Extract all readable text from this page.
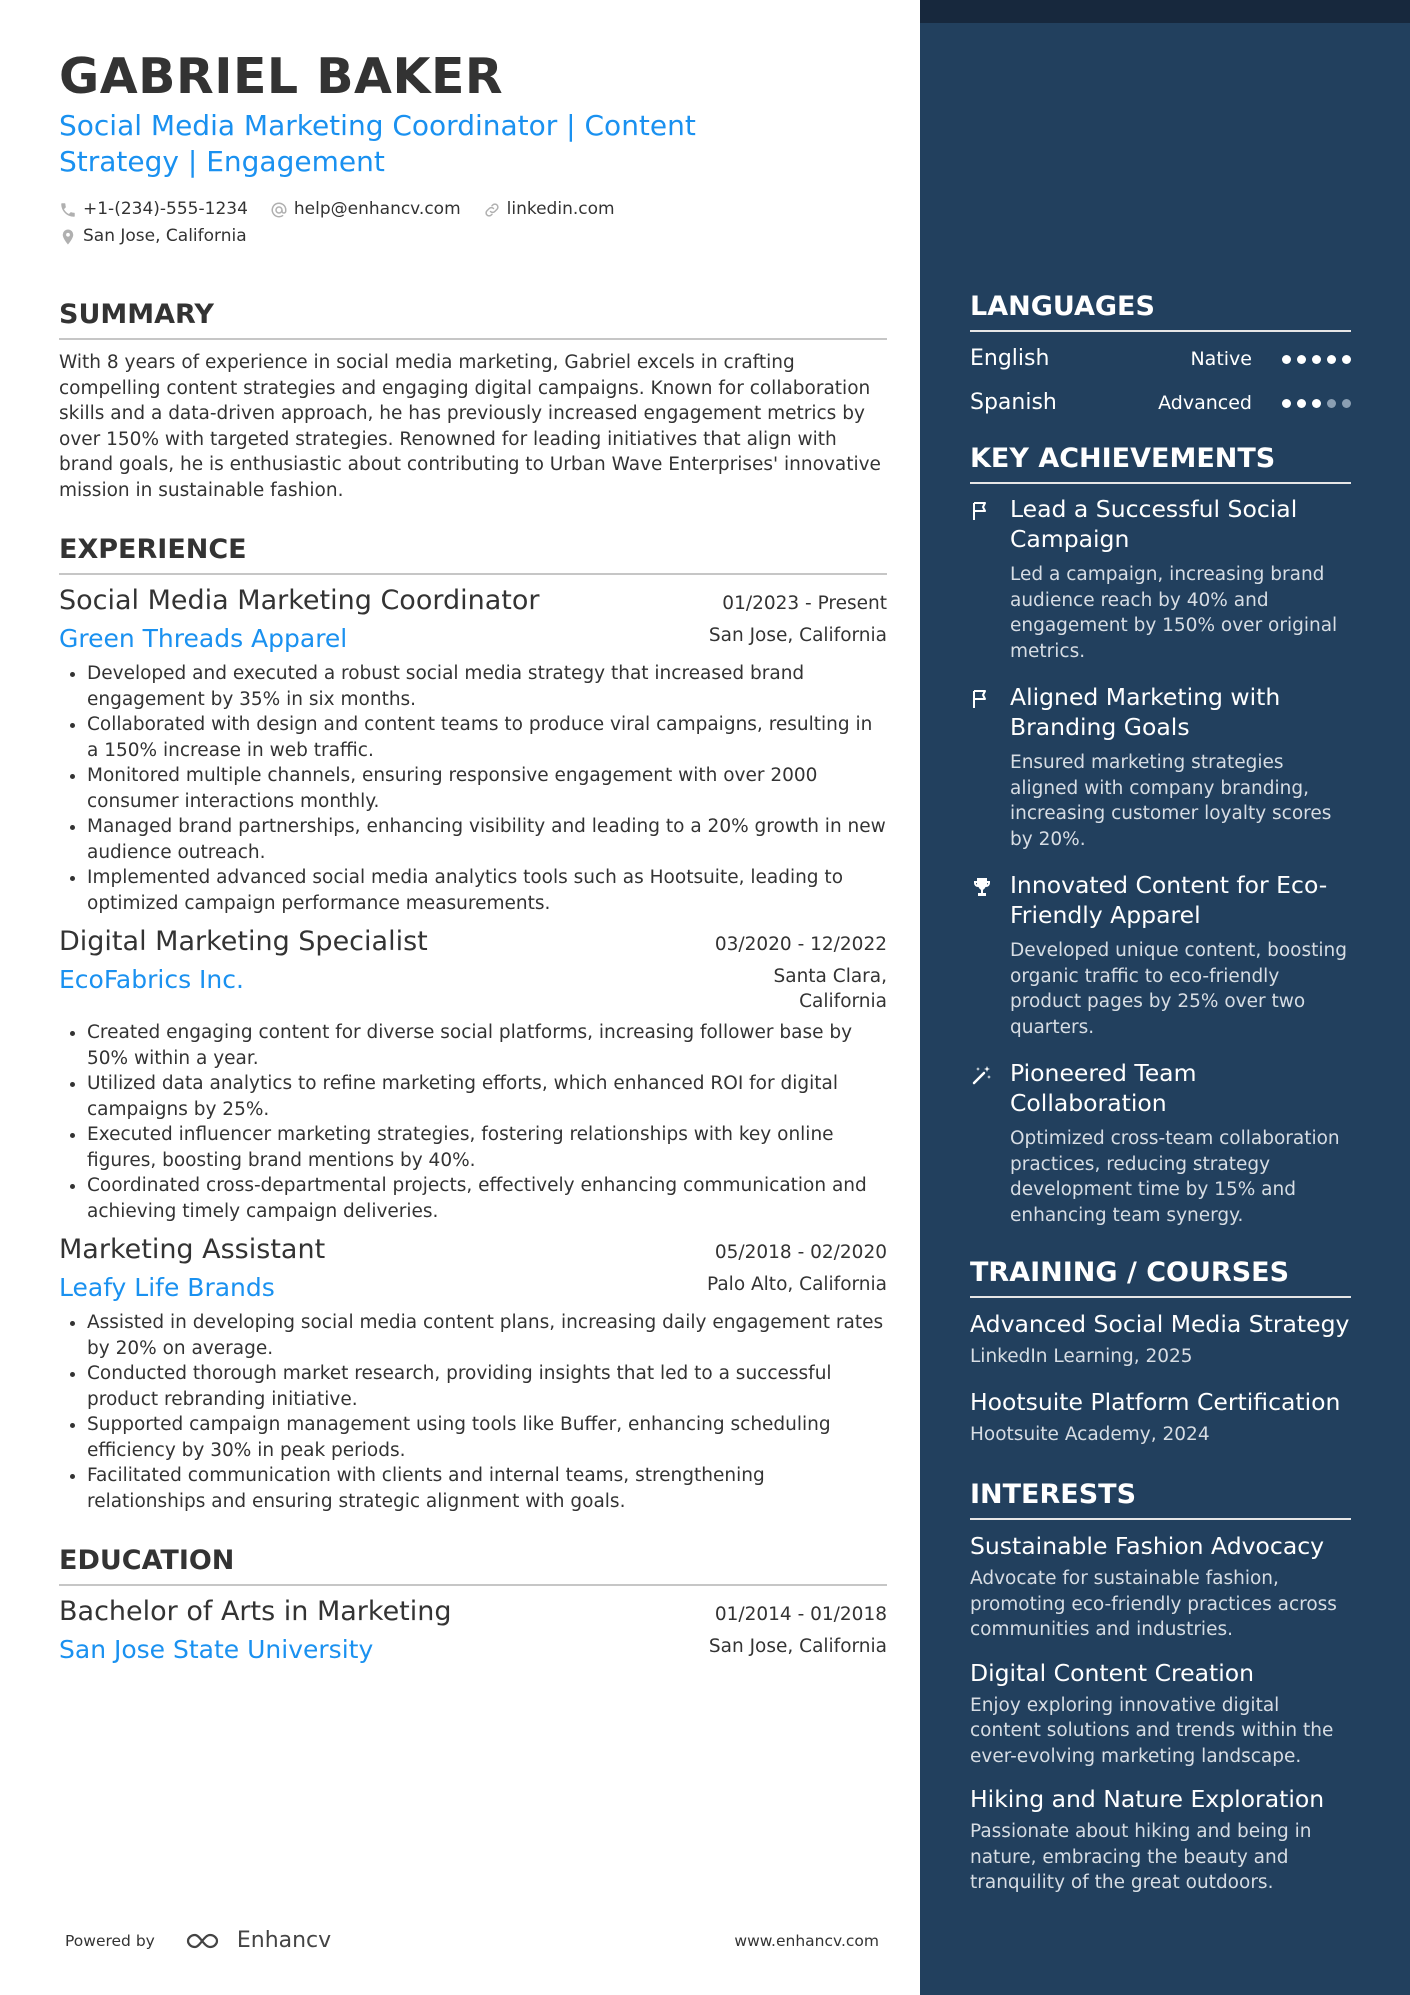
GABRIEL BAKER
Social Media Marketing Coordinator | Content Strategy | Engagement
+1-(234)-555-1234	help@enhancv.com	linkedin.com
San Jose, California
SUMMARY

With 8 years of experience in social media marketing, Gabriel excels in crafting compelling content strategies and engaging digital campaigns. Known for collaboration skills and a data-driven approach, he has previously increased engagement metrics by over 150% with targeted strategies. Renowned for leading initiatives that align with brand goals, he is enthusiastic about contributing to Urban Wave Enterprises' innovative mission in sustainable fashion.

EXPERIENCE
Social Media Marketing Coordinator	01/2023 - Present
Green Threads Apparel	San Jose, California
• Developed and executed a robust social media strategy that increased brand engagement by 35% in six months.
• Collaborated with design and content teams to produce viral campaigns, resulting in a 150% increase in web traffic.
• Monitored multiple channels, ensuring responsive engagement with over 2000 consumer interactions monthly.
• Managed brand partnerships, enhancing visibility and leading to a 20% growth in new audience outreach.
• Implemented advanced social media analytics tools such as Hootsuite, leading to optimized campaign performance measurements.
Digital Marketing Specialist	03/2020 - 12/2022
EcoFabrics Inc.	Santa Clara, California
• Created engaging content for diverse social platforms, increasing follower base by 50% within a year.
• Utilized data analytics to refine marketing efforts, which enhanced ROI for digital campaigns by 25%.
• Executed influencer marketing strategies, fostering relationships with key online figures, boosting brand mentions by 40%.
• Coordinated cross-departmental projects, effectively enhancing communication and achieving timely campaign deliveries.
Marketing Assistant	05/2018 - 02/2020
Leafy Life Brands	Palo Alto, California
• Assisted in developing social media content plans, increasing daily engagement rates by 20% on average.
• Conducted thorough market research, providing insights that led to a successful product rebranding initiative.
• Supported campaign management using tools like Buffer, enhancing scheduling efficiency by 30% in peak periods.
• Facilitated communication with clients and internal teams, strengthening relationships and ensuring strategic alignment with goals.
EDUCATION
Bachelor of Arts in Marketing	01/2014 - 01/2018
San Jose State University	San Jose, California
Powered by	Enhancv	www.enhancv.com
LANGUAGES
English	Native
Spanish	Advanced
KEY ACHIEVEMENTS
Lead a Successful Social Campaign
Led a campaign, increasing brand audience reach by 40% and engagement by 150% over original metrics.
Aligned Marketing with Branding Goals
Ensured marketing strategies aligned with company branding, increasing customer loyalty scores by 20%.
Innovated Content for Eco-Friendly Apparel
Developed unique content, boosting organic traffic to eco-friendly product pages by 25% over two quarters.
Pioneered Team Collaboration
Optimized cross-team collaboration practices, reducing strategy development time by 15% and enhancing team synergy.
TRAINING / COURSES
Advanced Social Media Strategy
LinkedIn Learning, 2025
Hootsuite Platform Certification
Hootsuite Academy, 2024
INTERESTS
Sustainable Fashion Advocacy
Advocate for sustainable fashion, promoting eco-friendly practices across communities and industries.
Digital Content Creation
Enjoy exploring innovative digital content solutions and trends within the ever-evolving marketing landscape.
Hiking and Nature Exploration
Passionate about hiking and being in nature, embracing the beauty and tranquility of the great outdoors.
